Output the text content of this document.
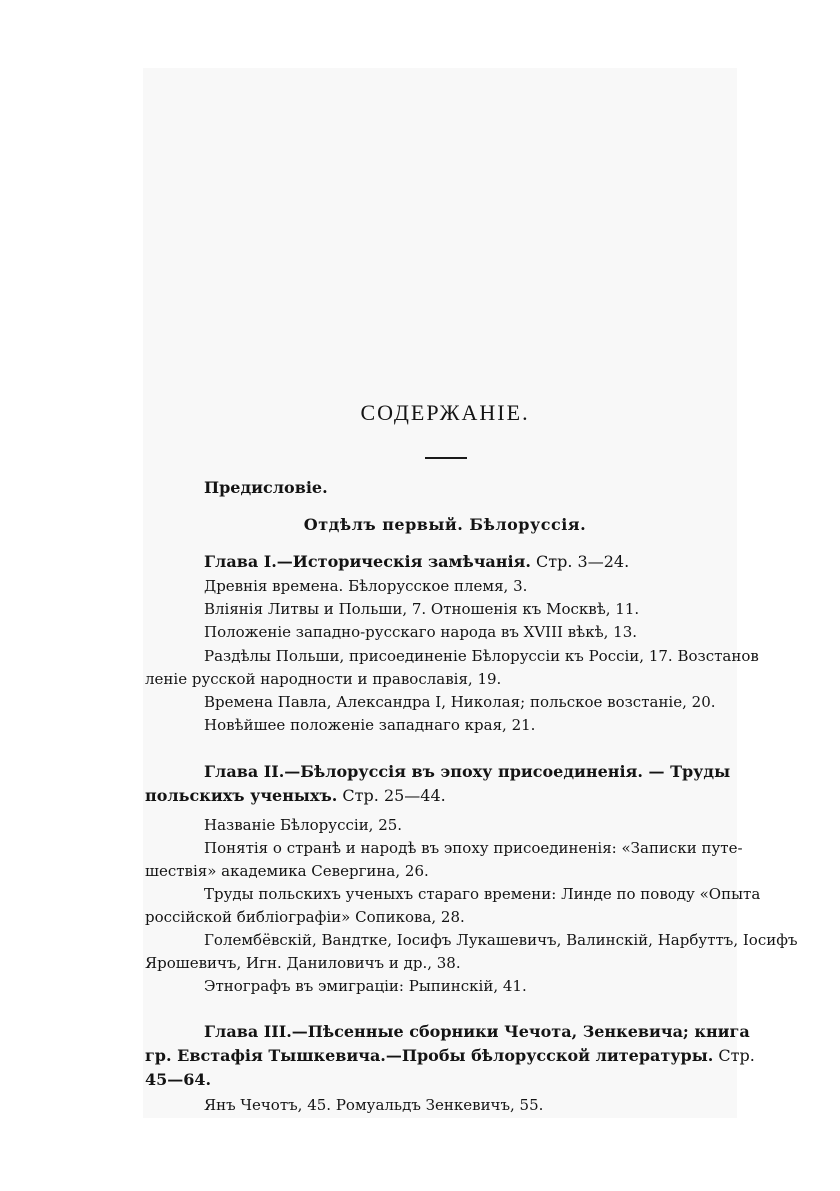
СОДЕРЖАНІЕ.
Предисловіе.
Отдѣлъ первый. Бѣлоруссія.
Глава I.—Историческія замѣчанія. Стр. 3—24.
Древнія времена. Бѣлорусское племя, 3.
Вліянія Литвы и Польши, 7. Отношенія къ Москвѣ, 11.
Положеніе западно-русскаго народа въ XVIII вѣкѣ, 13.
Раздѣлы Польши, присоединеніе Бѣлоруссіи къ Россіи, 17. Возстанов
леніе русской народности и православія, 19.
Времена Павла, Александра I, Николая; польское возстаніе, 20.
Новѣйшее положеніе западнаго края, 21.
Глава II.—Бѣлоруссія въ эпоху присоединенія. — Труды
польскихъ ученыхъ. Стр. 25—44.
Названіе Бѣлоруссіи, 25.
Понятія о странѣ и народѣ въ эпоху присоединенія: «Записки путе-
шествія» академика Севергина, 26.
Труды польскихъ ученыхъ стараго времени: Линде по поводу «Опыта
россійской библіографіи» Сопикова, 28.
Голембёвскій, Вандтке, Іосифъ Лукашевичъ, Валинскій, Нарбуттъ, Іосифъ
Ярошевичъ, Игн. Даниловичъ и др., 38.
Этнографъ въ эмиграціи: Рыпинскій, 41.
Глава III.—Пѣсенные сборники Чечота, Зенкевича; книга
гр. Евстафія Тышкевича.—Пробы бѣлорусской литературы. Стр.
45—64.
Янъ Чечотъ, 45. Ромуальдъ Зенкевичъ, 55.
